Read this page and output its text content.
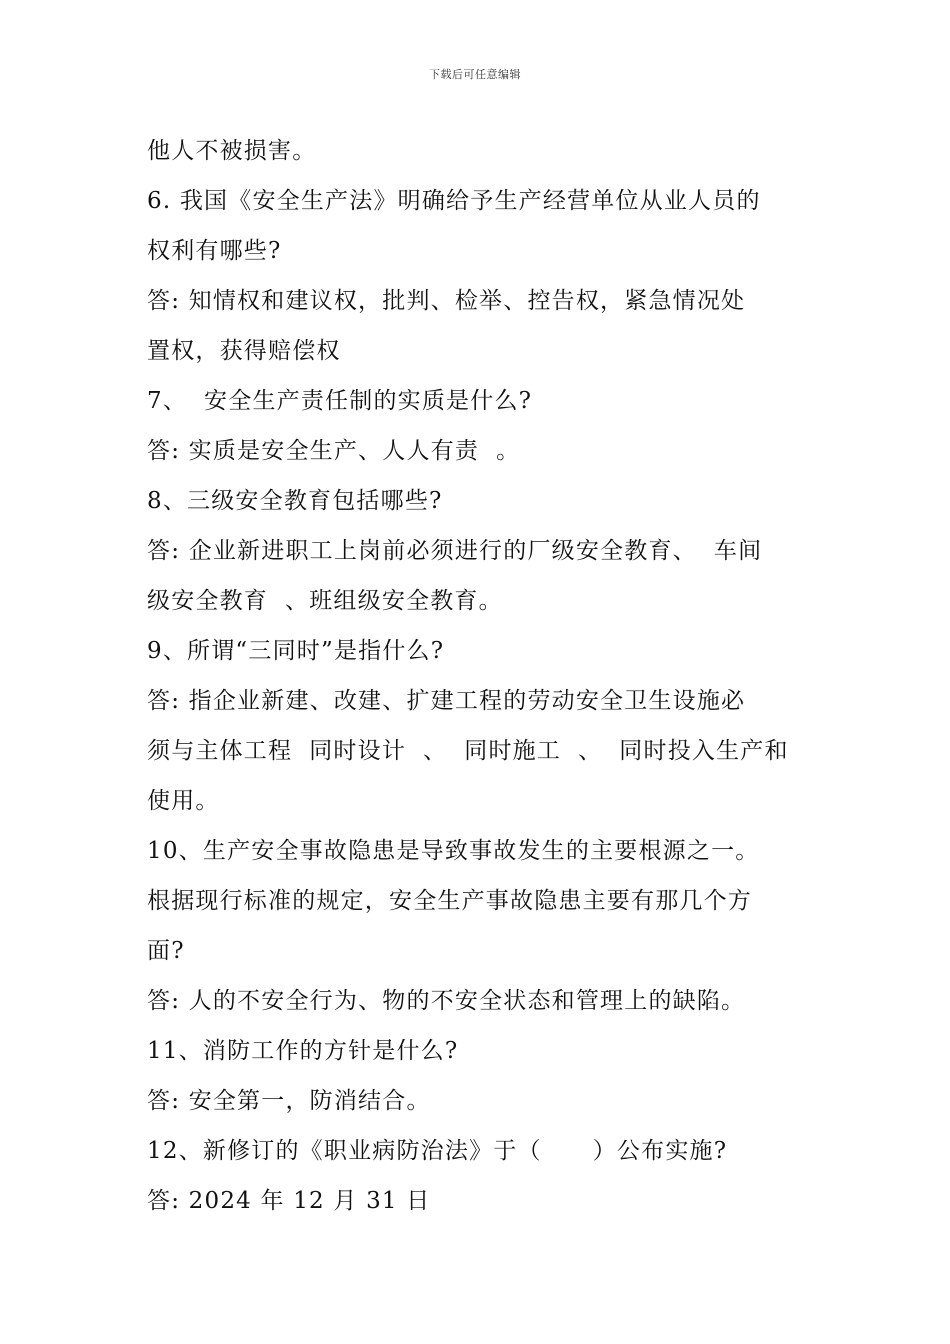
下载后可任意编辑
他人不被损害。
6. 我国《安全生产法》明确给予生产经营单位从业人员的
权利有哪些?
答: 知情权和建议权，批判、检举、控告权，紧急情况处
置权，获得赔偿权
7、  安全生产责任制的实质是什么?
答: 实质是安全生产、人人有责  。
8、三级安全教育包括哪些?
答: 企业新进职工上岗前必须进行的厂级安全教育、  车间
级安全教育  、班组级安全教育。
9、所谓“三同时”是指什么?
答: 指企业新建、改建、扩建工程的劳动安全卫生设施必
须与主体工程  同时设计  、  同时施工  、  同时投入生产和
使用。
10、生产安全事故隐患是导致事故发生的主要根源之一。
根据现行标准的规定，安全生产事故隐患主要有那几个方
面?
答: 人的不安全行为、物的不安全状态和管理上的缺陷。
11、消防工作的方针是什么?
答: 安全第一，防消结合。
12、新修订的《职业病防治法》于（      ）公布实施?
答: 2024 年 12 月 31 日
